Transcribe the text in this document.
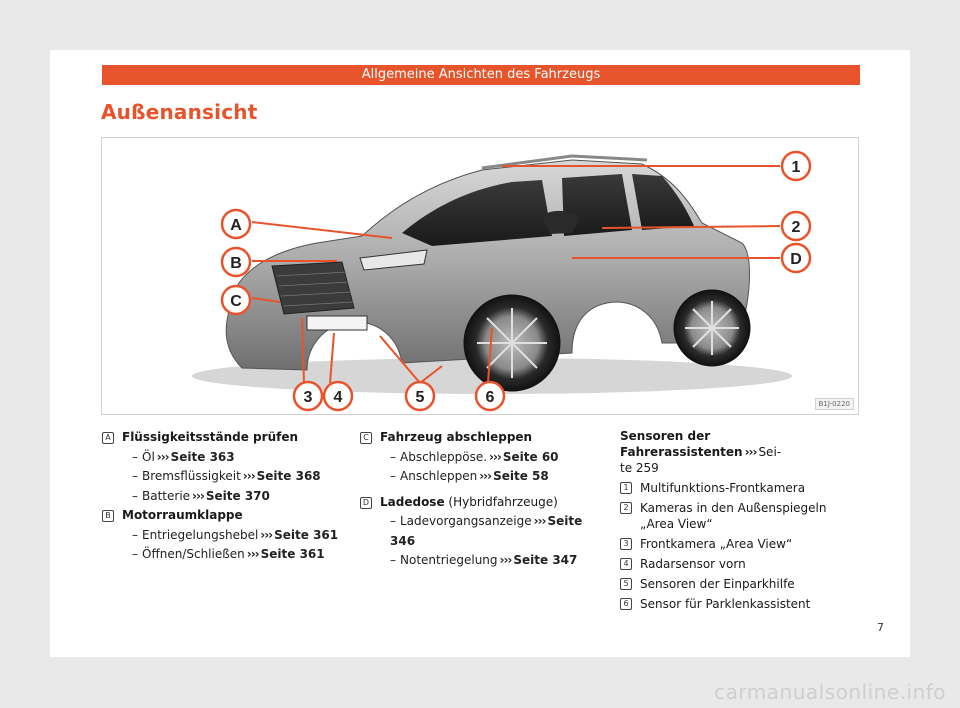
Allgemeine Ansichten des Fahrzeugs
Außenansicht
1
2
D
A
B
C
3 4	5	6	B1J-0220
A Flüssigkeitsstände prüfen
– Öl ››› Seite 363
– Bremsflüssigkeit ››› Seite 368
– Batterie ››› Seite 370
B Motorraumklappe
– Entriegelungshebel ››› Seite 361
– Öffnen/Schließen ››› Seite 361
C Fahrzeug abschleppen
– Abschleppöse. ››› Seite 60
– Anschleppen ››› Seite 58
D Ladedose (Hybridfahrzeuge)
– Ladevorgangsanzeige ››› Seite 346
– Notentriegelung ››› Seite 347
Sensoren der Fahrerassistenten ››› Sei-
te 259
1 Multifunktions-Frontkamera
2 Kameras in den Außenspiegeln „Area View“
3 Frontkamera „Area View“
4 Radarsensor vorn
5 Sensoren der Einparkhilfe
6 Sensor für Parklenkassistent
7
carmanualsonline.info
